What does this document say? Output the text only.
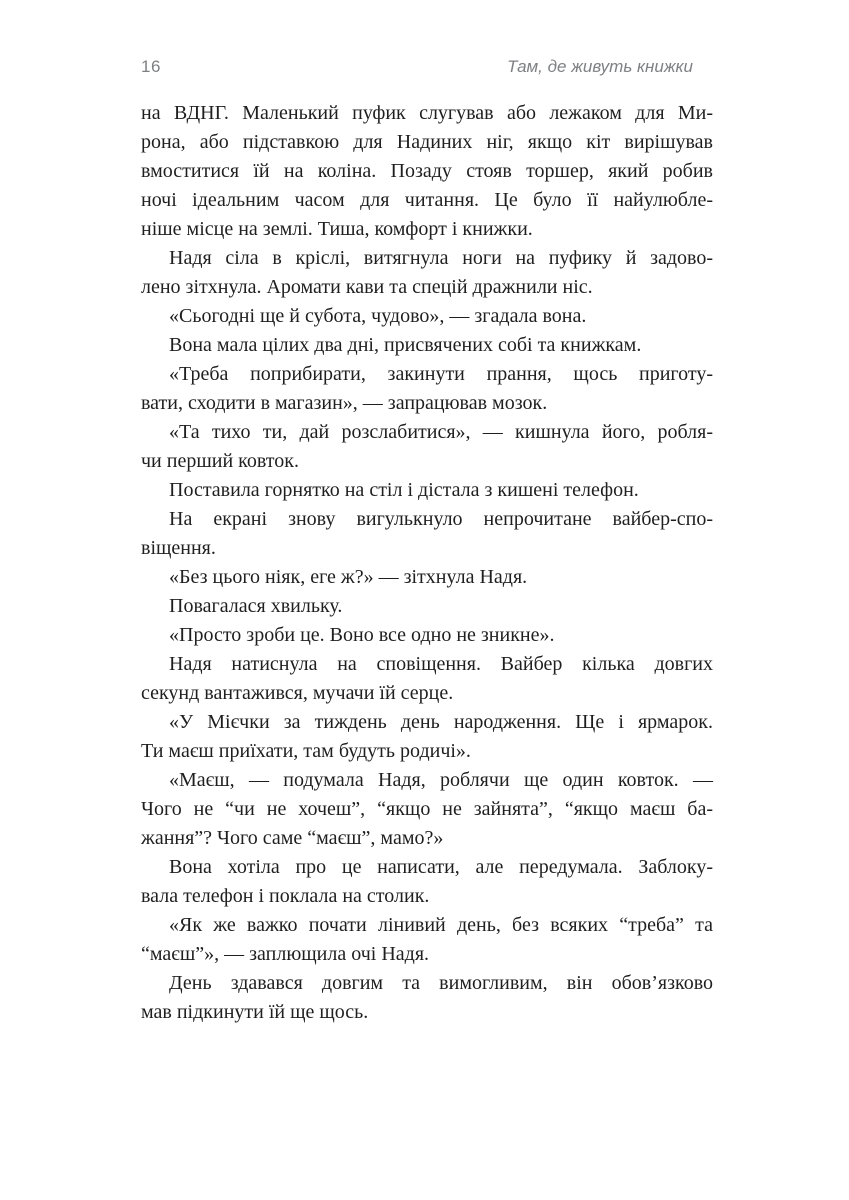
16	Там, де живуть книжки
на ВДНГ. Маленький пуфик слугував або лежаком для Ми-
рона, або підставкою для Надиних ніг, якщо кіт вирішував
вмоститися їй на коліна. Позаду стояв торшер, який робив
ночі ідеальним часом для читання. Це було її найулюбле-
ніше місце на землі. Тиша, комфорт і книжки.
Надя сіла в кріслі, витягнула ноги на пуфику й задово-
лено зітхнула. Аромати кави та спецій дражнили ніс.
«Сьогодні ще й субота, чудово», — згадала вона.
Вона мала цілих два дні, присвячених собі та книжкам.
«Треба поприбирати, закинути прання, щось приготу-
вати, сходити в магазин», — запрацював мозок.
«Та тихо ти, дай розслабитися», — кишнула його, робля-
чи перший ковток.
Поставила горнятко на стіл і дістала з кишені телефон.
На екрані знову вигулькнуло непрочитане вайбер-спо-
віщення.
«Без цього ніяк, еге ж?» — зітхнула Надя.
Повагалася хвильку.
«Просто зроби це. Воно все одно не зникне».
Надя натиснула на сповіщення. Вайбер кілька довгих
секунд вантажився, мучачи їй серце.
«У Мієчки за тиждень день народження. Ще і ярмарок.
Ти маєш приїхати, там будуть родичі».
«Маєш, — подумала Надя, роблячи ще один ковток. —
Чого не “чи не хочеш”, “якщо не зайнята”, “якщо маєш ба-
жання”? Чого саме “маєш”, мамо?»
Вона хотіла про це написати, але передумала. Заблоку-
вала телефон і поклала на столик.
«Як же важко почати лінивий день, без всяких “треба” та
“маєш”», — заплющила очі Надя.
День здавався довгим та вимогливим, він обов’язково
мав підкинути їй ще щось.
